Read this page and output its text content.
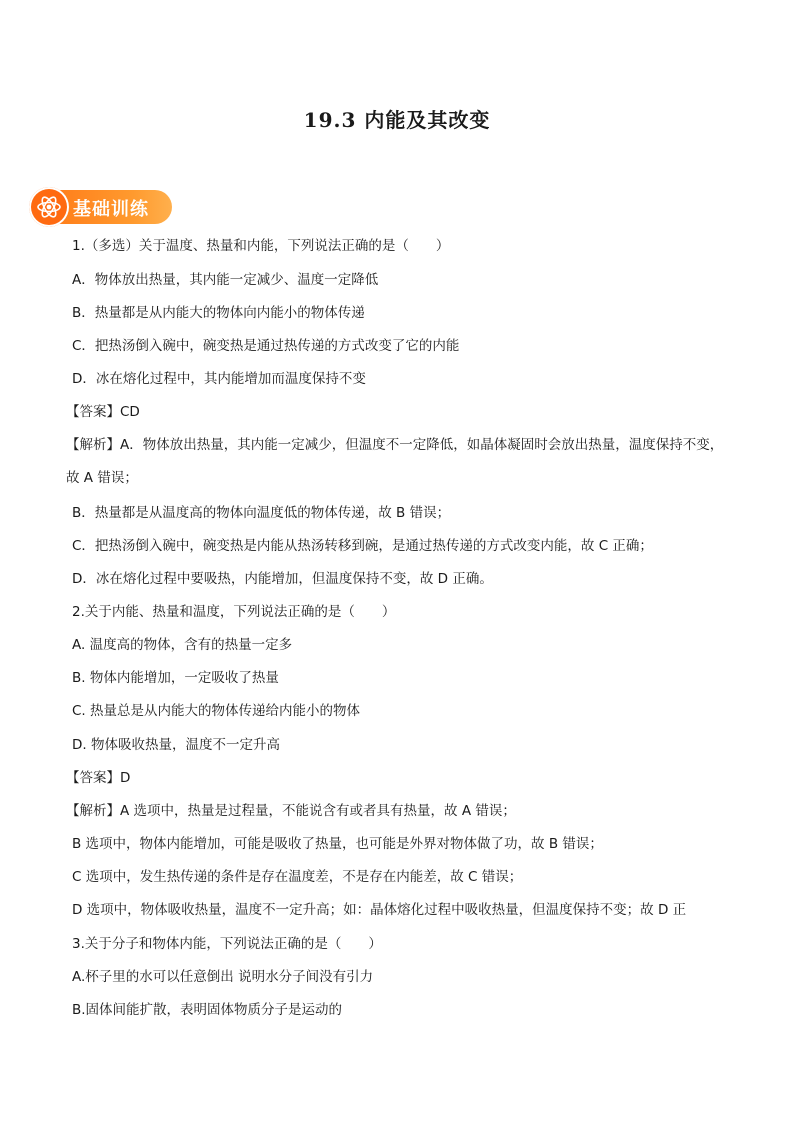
19.3 内能及其改变
基础训练
1.（多选）关于温度、热量和内能，下列说法正确的是（　　）
A．物体放出热量，其内能一定减少、温度一定降低
B．热量都是从内能大的物体向内能小的物体传递
C．把热汤倒入碗中，碗变热是通过热传递的方式改变了它的内能
D．冰在熔化过程中，其内能增加而温度保持不变
【答案】CD
【解析】A．物体放出热量，其内能一定减少，但温度不一定降低，如晶体凝固时会放出热量，温度保持不变，故 A 错误；
B．热量都是从温度高的物体向温度低的物体传递，故 B 错误；
C．把热汤倒入碗中，碗变热是内能从热汤转移到碗，是通过热传递的方式改变内能，故 C 正确；
D．冰在熔化过程中要吸热，内能增加，但温度保持不变，故 D 正确。
2.关于内能、热量和温度，下列说法正确的是（　　）
A. 温度高的物体，含有的热量一定多
B. 物体内能增加，一定吸收了热量
C. 热量总是从内能大的物体传递给内能小的物体
D. 物体吸收热量，温度不一定升高
【答案】D
【解析】A 选项中，热量是过程量，不能说含有或者具有热量，故 A 错误；
B 选项中，物体内能增加，可能是吸收了热量，也可能是外界对物体做了功，故 B 错误；
C 选项中，发生热传递的条件是存在温度差，不是存在内能差，故 C 错误；
D 选项中，物体吸收热量，温度不一定升高；如：晶体熔化过程中吸收热量，但温度保持不变；故 D 正
3.关于分子和物体内能，下列说法正确的是（　　）
A.杯子里的水可以任意倒出 说明水分子间没有引力
B.固体间能扩散，表明固体物质分子是运动的
